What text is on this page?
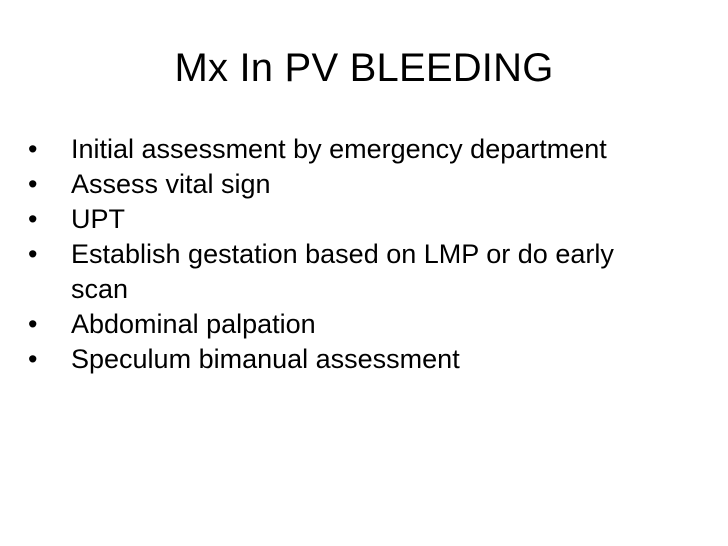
Mx In PV BLEEDING
•	Initial assessment by emergency department
•	Assess vital sign
•	UPT
•	Establish gestation based on LMP or do early scan
•	Abdominal palpation
•	Speculum bimanual assessment
